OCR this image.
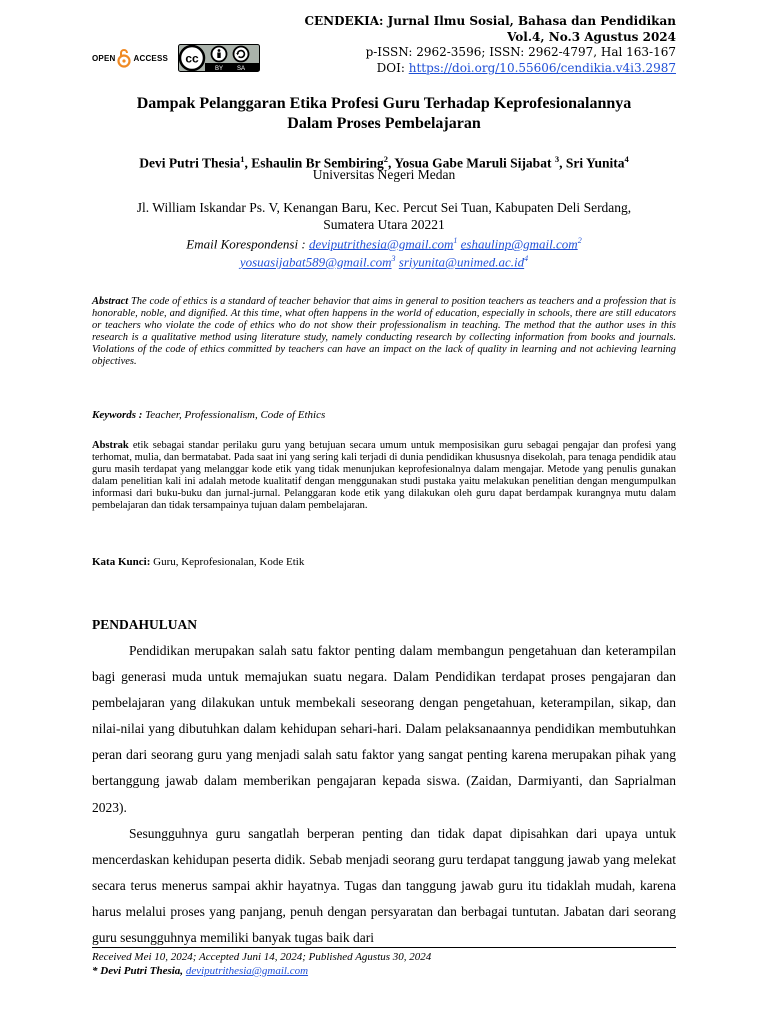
OPEN ACCESS cc
BY SA
CENDEKIA: Jurnal Ilmu Sosial, Bahasa dan Pendidikan
Vol.4, No.3 Agustus 2024
p-ISSN: 2962-3596; ISSN: 2962-4797, Hal 163-167
DOI: https://doi.org/10.55606/cendikia.v4i3.2987
Dampak Pelanggaran Etika Profesi Guru Terhadap Keprofesionalannya
Dalam Proses Pembelajaran
Devi Putri Thesia$^1$, Eshaulin Br Sembiring$^2$, Yosua Gabe Maruli Sijabat $^3$, Sri Yunita$^4$
Universitas Negeri Medan
Jl. William Iskandar Ps. V, Kenangan Baru, Kec. Percut Sei Tuan, Kabupaten Deli Serdang,
Sumatera Utara 20221
Email Korespondensi : deviputrithesia@gmail.com$^1$ eshaulinp@gmail.com$^2$
yosuasijabat589@gmail.com$^3$ $sriyunita@unimed.ac.id^4$
Abstract The code of ethics is a standard of teacher behavior that aims in general to position teachers as teachers and a profession that is honorable, noble, and dignified. At this time, what often happens in the world of education, especially in schools, there are still educators or teachers who violate the code of ethics who do not show their professionalism in teaching. The method that the author uses in this research is a qualitative method using literature study, namely conducting research by collecting information from books and journals. Violations of the code of ethics committed by teachers can have an impact on the lack of quality in learning and not achieving learning objectives.
Keywords : Teacher, Professionalism, Code of Ethics
Abstrak etik sebagai standar perilaku guru yang betujuan secara umum untuk memposisikan guru sebagai pengajar dan profesi yang terhomat, mulia, dan bermatabat. Pada saat ini yang sering kali terjadi di dunia pendidikan khususnya disekolah, para tenaga pendidik atau guru masih terdapat yang melanggar kode etik yang tidak menunjukan keprofesionalnya dalam mengajar. Metode yang penulis gunakan dalam penelitian kali ini adalah metode kualitatif dengan menggunakan studi pustaka yaitu melakukan penelitian dengan mengumpulkan informasi dari buku-buku dan jurnal-jurnal. Pelanggaran kode etik yang dilakukan oleh guru dapat berdampak kurangnya mutu dalam pembelajaran dan tidak tersampainya tujuan dalam pembelajaran.
Kata Kunci: Guru, Keprofesionalan, Kode Etik
PENDAHULUAN

Pendidikan merupakan salah satu faktor penting dalam membangun pengetahuan dan keterampilan bagi generasi muda untuk memajukan suatu negara. Dalam Pendidikan terdapat proses pengajaran dan pembelajaran yang dilakukan untuk membekali seseorang dengan pengetahuan, keterampilan, sikap, dan nilai-nilai yang dibutuhkan dalam kehidupan sehari-hari. Dalam pelaksanaannya pendidikan membutuhkan peran dari seorang guru yang menjadi salah satu faktor yang sangat penting karena merupakan pihak yang bertanggung jawab dalam memberikan pengajaran kepada siswa. (Zaidan, Darmiyanti, dan Saprialman 2023).

Sesungguhnya guru sangatlah berperan penting dan tidak dapat dipisahkan dari upaya untuk mencerdaskan kehidupan peserta didik. Sebab menjadi seorang guru terdapat tanggung jawab yang melekat secara terus menerus sampai akhir hayatnya. Tugas dan tanggung jawab guru itu tidaklah mudah, karena harus melalui proses yang panjang, penuh dengan persyaratan dan berbagai tuntutan. Jabatan dari seorang guru sesungguhnya memiliki banyak tugas baik dari

Received Mei 10, 2024; Accepted Juni 14, 2024; Published Agustus 30, 2024
* Devi Putri Thesia, deviputrithesia@gmail.com
